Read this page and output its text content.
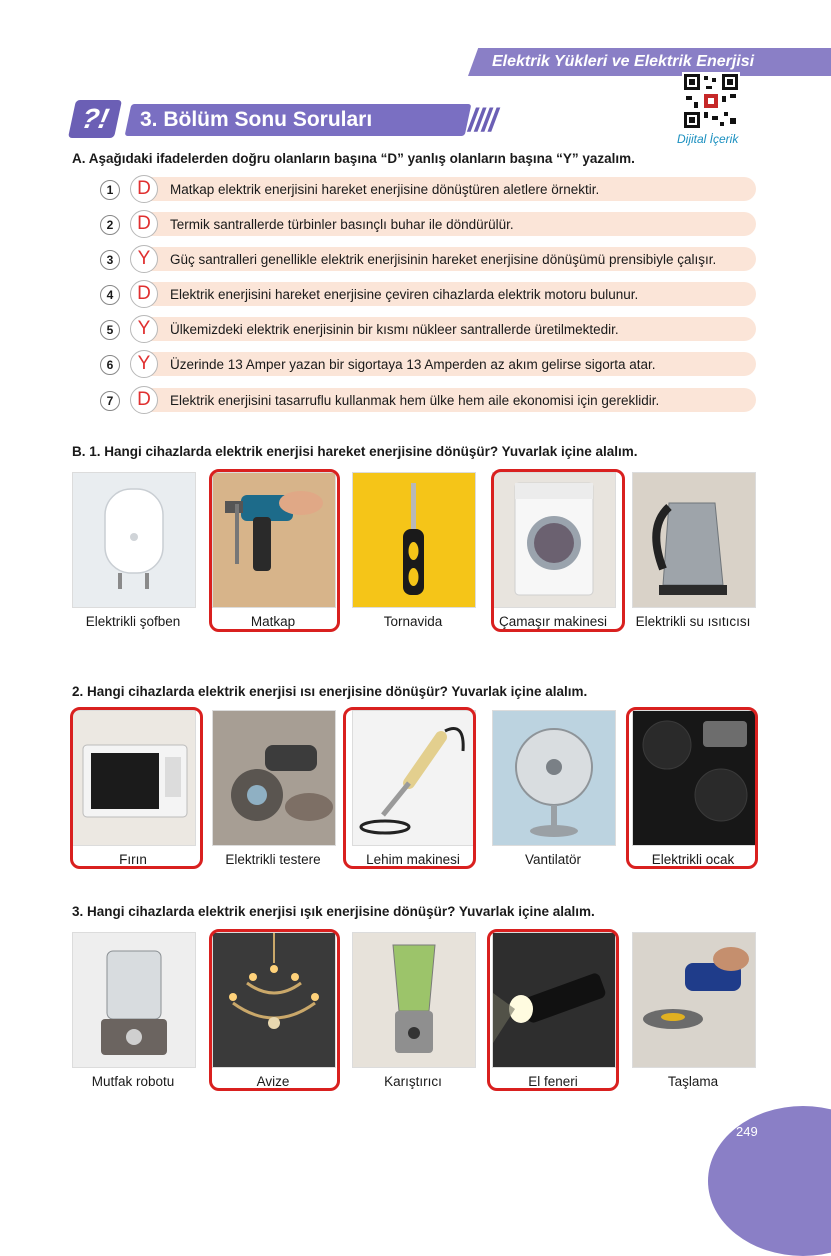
Elektrik Yükleri ve Elektrik Enerjisi
Dijital İçerik
?!	3. Bölüm Sonu Soruları	////
A. Aşağıdaki ifadelerden doğru olanların başına “D” yanlış olanların başına “Y” yazalım.
1	D	Matkap elektrik enerjisini hareket enerjisine dönüştüren aletlere örnektir.
2	D	Termik santrallerde türbinler basınçlı buhar ile döndürülür.
3	Y	Güç santralleri genellikle elektrik enerjisinin hareket enerjisine dönüşümü prensibiyle çalışır.
4	D	Elektrik enerjisini hareket enerjisine çeviren cihazlarda elektrik motoru bulunur.
5	Y	Ülkemizdeki elektrik enerjisinin bir kısmı nükleer santrallerde üretilmektedir.
6	Y	Üzerinde 13 Amper yazan bir sigortaya 13 Amperden az akım gelirse sigorta atar.
7	D	Elektrik enerjisini tasarruflu kullanmak hem ülke hem aile ekonomisi için gereklidir.
B. 1. Hangi cihazlarda elektrik enerjisi hareket enerjisine dönüşür? Yuvarlak içine alalım.
Elektrikli şofben	Matkap	Tornavida	Çamaşır makinesi	Elektrikli su ısıtıcısı
2. Hangi cihazlarda elektrik enerjisi ısı enerjisine dönüşür? Yuvarlak içine alalım.
Fırın	Elektrikli testere	Lehim makinesi	Vantilatör	Elektrikli ocak
3. Hangi cihazlarda elektrik enerjisi ışık enerjisine dönüşür? Yuvarlak içine alalım.
Mutfak robotu	Avize	Karıştırıcı	El feneri	Taşlama
249
